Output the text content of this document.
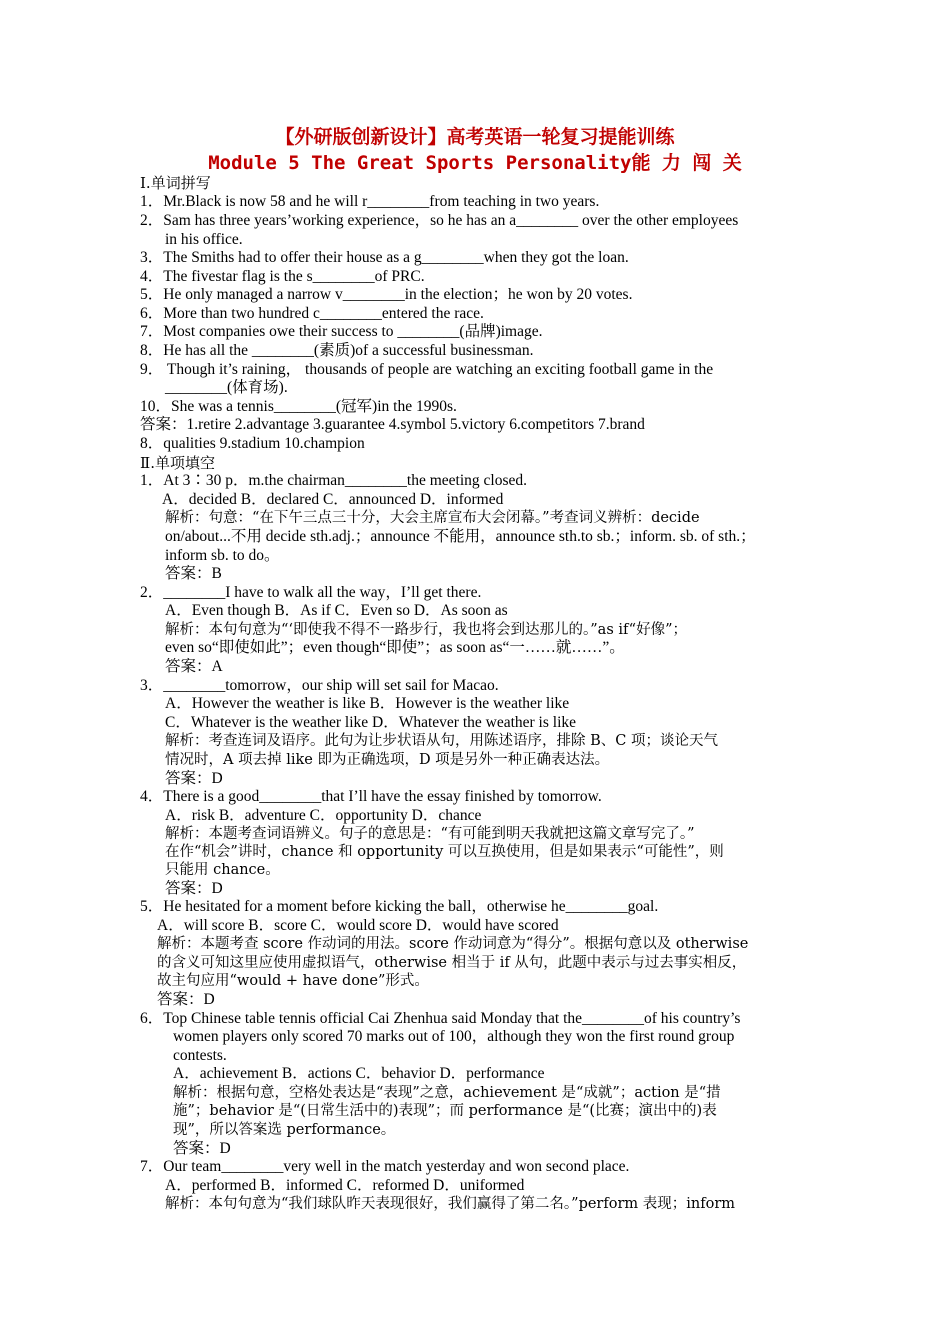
【外研版创新设计】高考英语一轮复习提能训练
Module 5 The Great Sports Personality能 力 闯 关
Ⅰ.单词拼写
1．Mr.Black is now 58 and he will r________from teaching in two years.
2．Sam has three years’working experience，so he has an a________ over the other employees
in his office.
3．The Smiths had to offer their house as a g________when they got the loan.
4．The fivestar flag is the s________of PRC.
5．He only managed a narrow v________in the election；he won by 20 votes.
6．More than two hundred c________entered the race.
7．Most companies owe their success to ________(品牌)image.
8．He has all the ________(素质)of a successful businessman.
9． Though it’s raining， thousands of people are watching an exciting football game in the
________(体育场).
10．She was a tennis________(冠军)in the 1990s.
答案：1.retire 2.advantage 3.guarantee 4.symbol 5.victory 6.competitors 7.brand
8．qualities 9.stadium 10.champion
Ⅱ.单项填空
1．At 3∶30 p．m.the chairman________the meeting closed.
A．decided B．declared C．announced D．informed
解析：句意：“在下午三点三十分，大会主席宣布大会闭幕。”考查词义辨析：decide
on/about...不用 decide sth.adj.；announce 不能用，announce sth.to sb.；inform. sb. of sth.；
inform sb. to do。
答案：B
2．________I have to walk all the way，I’ll get there.
A．Even though B．As if C．Even so D．As soon as
解析：本句句意为“‘即使我不得不一路步行，我也将会到达那儿的。”as if“好像”；
even so“即使如此”；even though“即使”；as soon as“一……就……”。
答案：A
3．________tomorrow，our ship will set sail for Macao.
A．However the weather is like B．However is the weather like
C．Whatever is the weather like D．Whatever the weather is like
解析：考查连词及语序。此句为让步状语从句，用陈述语序，排除 B、C 项；谈论天气
情况时，A 项去掉 like 即为正确选项，D 项是另外一种正确表达法。
答案：D
4．There is a good________that I’ll have the essay finished by tomorrow.
A．risk B．adventure C．opportunity D．chance
解析：本题考查词语辨义。句子的意思是：“有可能到明天我就把这篇文章写完了。”
在作“机会”讲时，chance 和 opportunity 可以互换使用，但是如果表示“可能性”，则
只能用 chance。
答案：D
5．He hesitated for a moment before kicking the ball，otherwise he________goal.
A．will score B．score C．would score D．would have scored
解析：本题考查 score 作动词的用法。score 作动词意为“得分”。根据句意以及 otherwise
的含义可知这里应使用虚拟语气，otherwise 相当于 if 从句，此题中表示与过去事实相反，
故主句应用“would + have done”形式。
答案：D
6．Top Chinese table tennis official Cai Zhenhua said Monday that the________of his country’s
women players only scored 70 marks out of 100，although they won the first round group
contests.
A．achievement B．actions C．behavior D．performance
解析：根据句意，空格处表达是“表现”之意，achievement 是“成就”；action 是“措
施”；behavior 是“(日常生活中的)表现”；而 performance 是“(比赛；演出中的)表
现”，所以答案选 performance。
答案：D
7．Our team________very well in the match yesterday and won second place.
A．performed B．informed C．reformed D．uniformed
解析：本句句意为“我们球队昨天表现很好，我们赢得了第二名。”perform 表现；inform
